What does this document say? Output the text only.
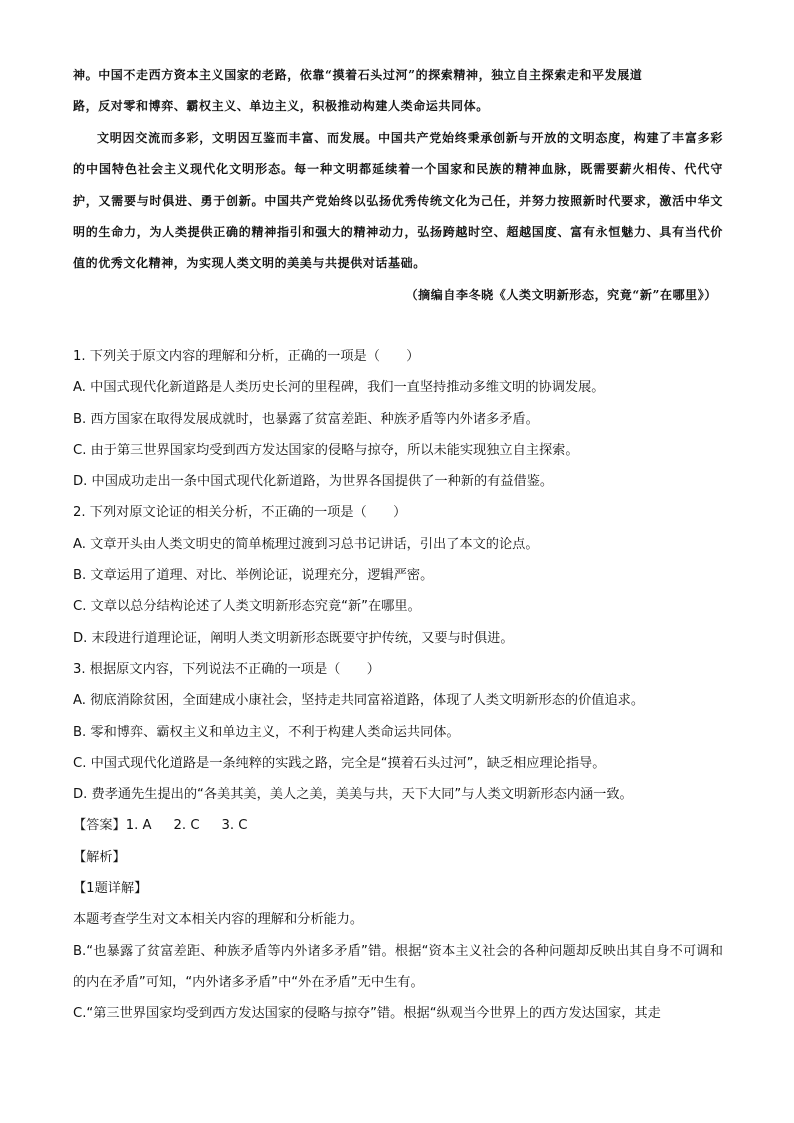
神。中国不走西方资本主义国家的老路，依靠“摸着石头过河”的探索精神，独立自主探索走和平发展道

路，反对零和博弈、霸权主义、单边主义，积极推动构建人类命运共同体。

文明因交流而多彩，文明因互鉴而丰富、而发展。中国共产党始终秉承创新与开放的文明态度，构建了丰富多彩的中国特色社会主义现代化文明形态。每一种文明都延续着一个国家和民族的精神血脉，既需要薪火相传、代代守护，又需要与时俱进、勇于创新。中国共产党始终以弘扬优秀传统文化为己任，并努力按照新时代要求，激活中华文明的生命力，为人类提供正确的精神指引和强大的精神动力，弘扬跨越时空、超越国度、富有永恒魅力、具有当代价值的优秀文化精神，为实现人类文明的美美与共提供对话基础。

（摘编自李冬晓《人类文明新形态，究竟“新”在哪里》）

1. 下列关于原文内容的理解和分析，正确的一项是（　　）
A. 中国式现代化新道路是人类历史长河的里程碑，我们一直坚持推动多维文明的协调发展。
B. 西方国家在取得发展成就时，也暴露了贫富差距、种族矛盾等内外诸多矛盾。
C. 由于第三世界国家均受到西方发达国家的侵略与掠夺，所以未能实现独立自主探索。
D. 中国成功走出一条中国式现代化新道路，为世界各国提供了一种新的有益借鉴。
2. 下列对原文论证的相关分析，不正确的一项是（　　）
A. 文章开头由人类文明史的简单梳理过渡到习总书记讲话，引出了本文的论点。
B. 文章运用了道理、对比、举例论证，说理充分，逻辑严密。
C. 文章以总分结构论述了人类文明新形态究竟“新”在哪里。
D. 末段进行道理论证，阐明人类文明新形态既要守护传统，又要与时俱进。
3. 根据原文内容，下列说法不正确的一项是（　　）
A. 彻底消除贫困，全面建成小康社会，坚持走共同富裕道路，体现了人类文明新形态的价值追求。
B. 零和博弈、霸权主义和单边主义，不利于构建人类命运共同体。
C. 中国式现代化道路是一条纯粹的实践之路，完全是“摸着石头过河”，缺乏相应理论指导。
D. 费孝通先生提出的“各美其美，美人之美，美美与共，天下大同”与人类文明新形态内涵一致。
【答案】1. A 2. C 3. C
【解析】
【1题详解】
本题考查学生对文本相关内容的理解和分析能力。
B.“也暴露了贫富差距、种族矛盾等内外诸多矛盾”错。根据“资本主义社会的各种问题却反映出其自身不可调和的内在矛盾”可知，“内外诸多矛盾”中“外在矛盾”无中生有。
C.“第三世界国家均受到西方发达国家的侵略与掠夺”错。根据“纵观当今世界上的西方发达国家，其走
